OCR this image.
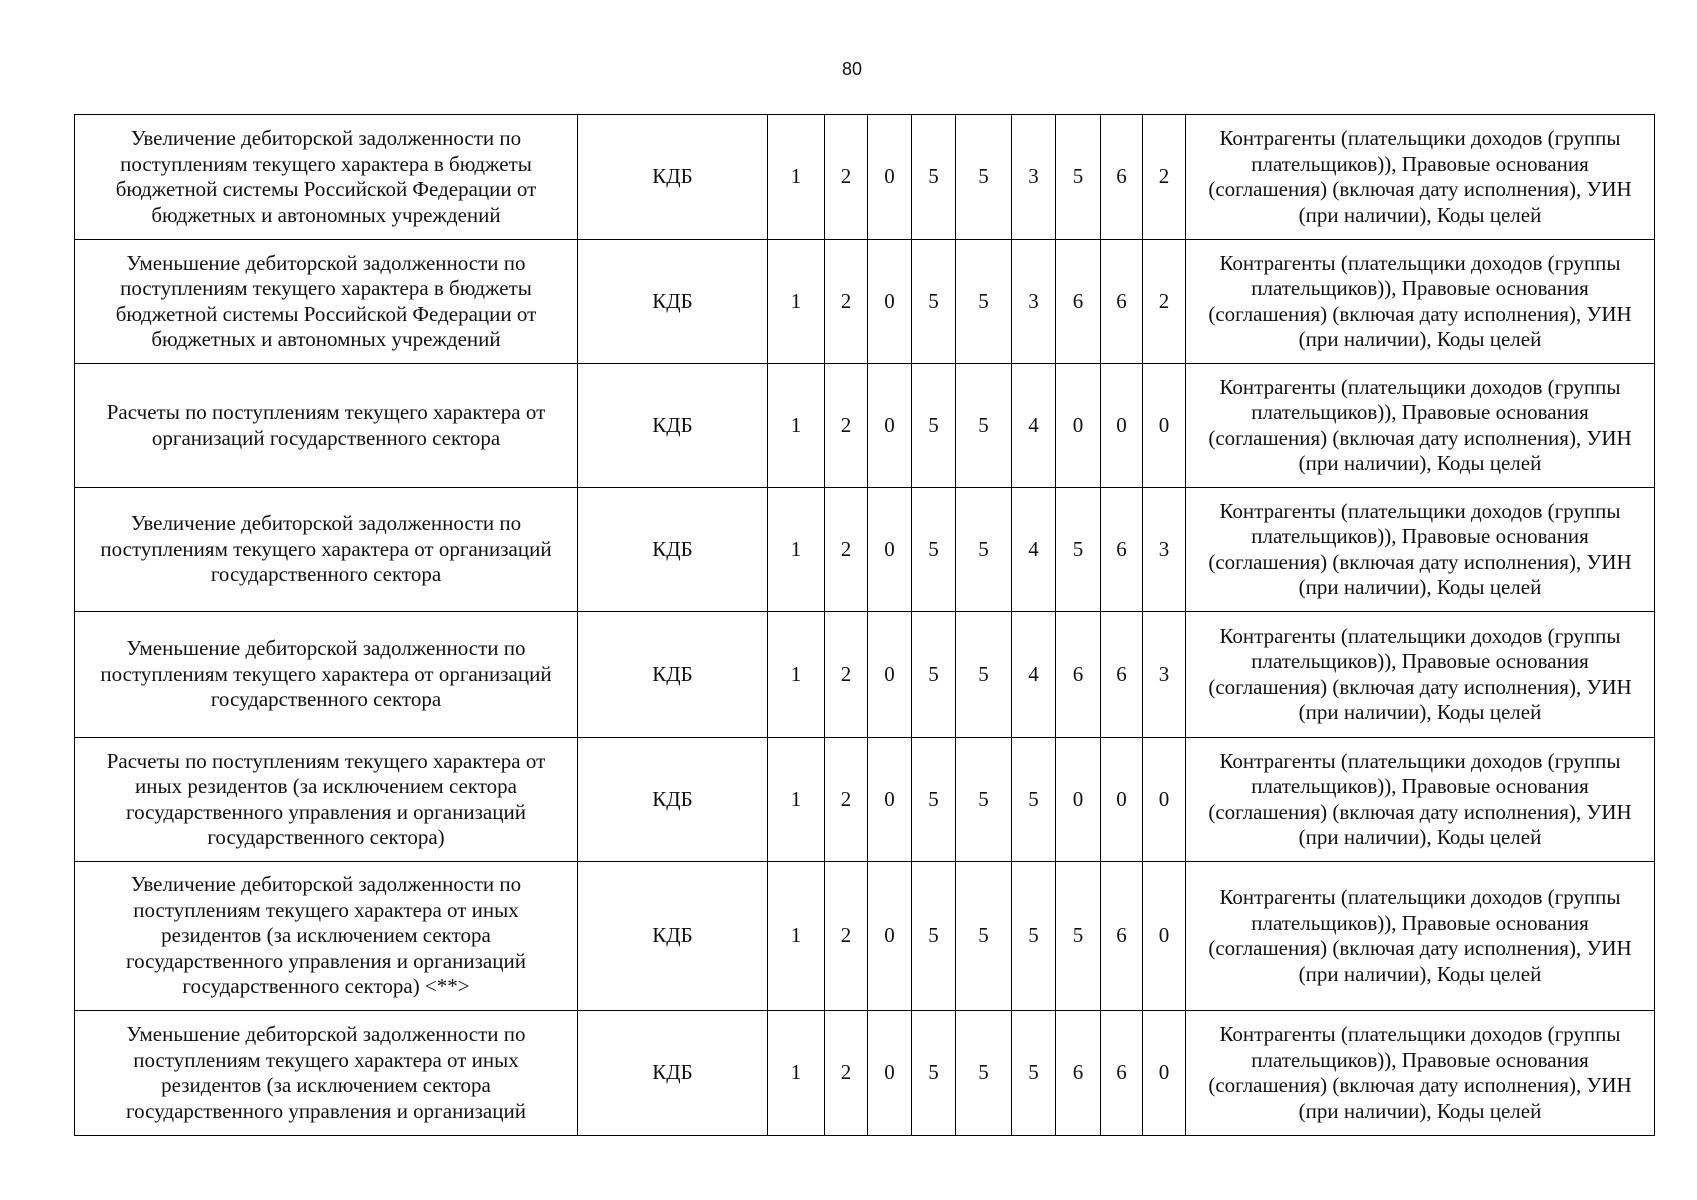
80
Увеличение дебиторской задолженности по
поступлениям текущего характера в бюджеты
бюджетной системы Российской Федерации от
бюджетных и автономных учреждений	КДБ	1	2	0	5	5	3	5	6	2	Контрагенты (плательщики доходов (группы
плательщиков)), Правовые основания
(соглашения) (включая дату исполнения), УИН
(при наличии), Коды целей

Уменьшение дебиторской задолженности по
поступлениям текущего характера в бюджеты
бюджетной системы Российской Федерации от
бюджетных и автономных учреждений	КДБ	1	2	0	5	5	3	6	6	2	Контрагенты (плательщики доходов (группы
плательщиков)), Правовые основания
(соглашения) (включая дату исполнения), УИН
(при наличии), Коды целей

Расчеты по поступлениям текущего характера от
организаций государственного сектора	КДБ	1	2	0	5	5	4	0	0	0	Контрагенты (плательщики доходов (группы
плательщиков)), Правовые основания
(соглашения) (включая дату исполнения), УИН
(при наличии), Коды целей

Увеличение дебиторской задолженности по
поступлениям текущего характера от организаций
государственного сектора	КДБ	1	2	0	5	5	4	5	6	3	Контрагенты (плательщики доходов (группы
плательщиков)), Правовые основания
(соглашения) (включая дату исполнения), УИН
(при наличии), Коды целей

Уменьшение дебиторской задолженности по
поступлениям текущего характера от организаций
государственного сектора	КДБ	1	2	0	5	5	4	6	6	3	Контрагенты (плательщики доходов (группы
плательщиков)), Правовые основания
(соглашения) (включая дату исполнения), УИН
(при наличии), Коды целей

Расчеты по поступлениям текущего характера от
иных резидентов (за исключением сектора
государственного управления и организаций
государственного сектора)	КДБ	1	2	0	5	5	5	0	0	0	Контрагенты (плательщики доходов (группы
плательщиков)), Правовые основания
(соглашения) (включая дату исполнения), УИН
(при наличии), Коды целей

Увеличение дебиторской задолженности по
поступлениям текущего характера от иных
резидентов (за исключением сектора
государственного управления и организаций
государственного сектора) <**>	КДБ	1	2	0	5	5	5	5	6	0	Контрагенты (плательщики доходов (группы
плательщиков)), Правовые основания
(соглашения) (включая дату исполнения), УИН
(при наличии), Коды целей

Уменьшение дебиторской задолженности по
поступлениям текущего характера от иных
резидентов (за исключением сектора
государственного управления и организаций	КДБ	1	2	0	5	5	5	6	6	0	Контрагенты (плательщики доходов (группы
плательщиков)), Правовые основания
(соглашения) (включая дату исполнения), УИН
(при наличии), Коды целей
